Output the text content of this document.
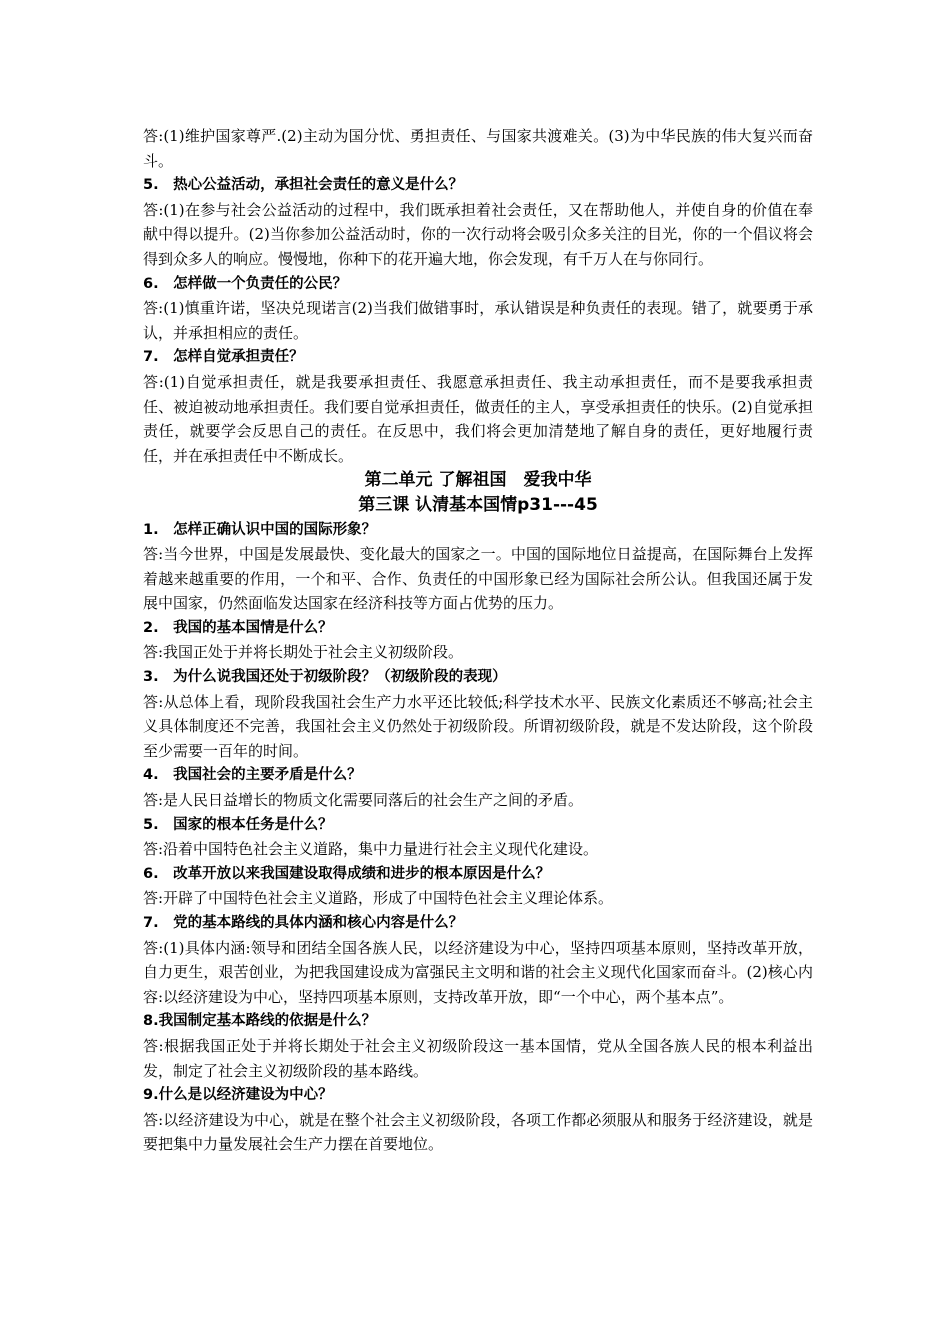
答:(1)维护国家尊严.(2)主动为国分忧、勇担责任、与国家共渡难关。(3)为中华民族的伟大复兴而奋斗。

5.　热心公益活动，承担社会责任的意义是什么？

答:(1)在参与社会公益活动的过程中，我们既承担着社会责任，又在帮助他人，并使自身的价值在奉献中得以提升。(2)当你参加公益活动时，你的一次行动将会吸引众多关注的目光，你的一个倡议将会得到众多人的响应。慢慢地，你种下的花开遍大地，你会发现，有千万人在与你同行。

6.　怎样做一个负责任的公民？

答:(1)慎重许诺，坚决兑现诺言(2)当我们做错事时，承认错误是种负责任的表现。错了，就要勇于承认，并承担相应的责任。

7.　怎样自觉承担责任？

答:(1)自觉承担责任，就是我要承担责任、我愿意承担责任、我主动承担责任，而不是要我承担责任、被迫被动地承担责任。我们要自觉承担责任，做责任的主人，享受承担责任的快乐。(2)自觉承担责任，就要学会反思自己的责任。在反思中，我们将会更加清楚地了解自身的责任，更好地履行责任，并在承担责任中不断成长。

第二单元 了解祖国　爱我中华

第三课 认清基本国情p31---45

1.　怎样正确认识中国的国际形象？

答:当今世界，中国是发展最快、变化最大的国家之一。中国的国际地位日益提高，在国际舞台上发挥着越来越重要的作用，一个和平、合作、负责任的中国形象已经为国际社会所公认。但我国还属于发展中国家，仍然面临发达国家在经济科技等方面占优势的压力。

2.　我国的基本国情是什么？

答:我国正处于并将长期处于社会主义初级阶段。

3.　为什么说我国还处于初级阶段？（初级阶段的表现）

答:从总体上看，现阶段我国社会生产力水平还比较低;科学技术水平、民族文化素质还不够高;社会主义具体制度还不完善，我国社会主义仍然处于初级阶段。所谓初级阶段，就是不发达阶段，这个阶段至少需要一百年的时间。

4.　我国社会的主要矛盾是什么？

答:是人民日益增长的物质文化需要同落后的社会生产之间的矛盾。

5.　国家的根本任务是什么？

答:沿着中国特色社会主义道路，集中力量进行社会主义现代化建设。

6.　改革开放以来我国建设取得成绩和进步的根本原因是什么？

答:开辟了中国特色社会主义道路，形成了中国特色社会主义理论体系。

7.　党的基本路线的具体内涵和核心内容是什么？

答:(1)具体内涵:领导和团结全国各族人民，以经济建设为中心，坚持四项基本原则，坚持改革开放，自力更生，艰苦创业，为把我国建设成为富强民主文明和谐的社会主义现代化国家而奋斗。(2)核心内容:以经济建设为中心，坚持四项基本原则，支持改革开放，即“一个中心，两个基本点”。

8.我国制定基本路线的依据是什么？

答:根据我国正处于并将长期处于社会主义初级阶段这一基本国情，党从全国各族人民的根本利益出发，制定了社会主义初级阶段的基本路线。

9.什么是以经济建设为中心？

答:以经济建设为中心，就是在整个社会主义初级阶段，各项工作都必须服从和服务于经济建设，就是要把集中力量发展社会生产力摆在首要地位。
